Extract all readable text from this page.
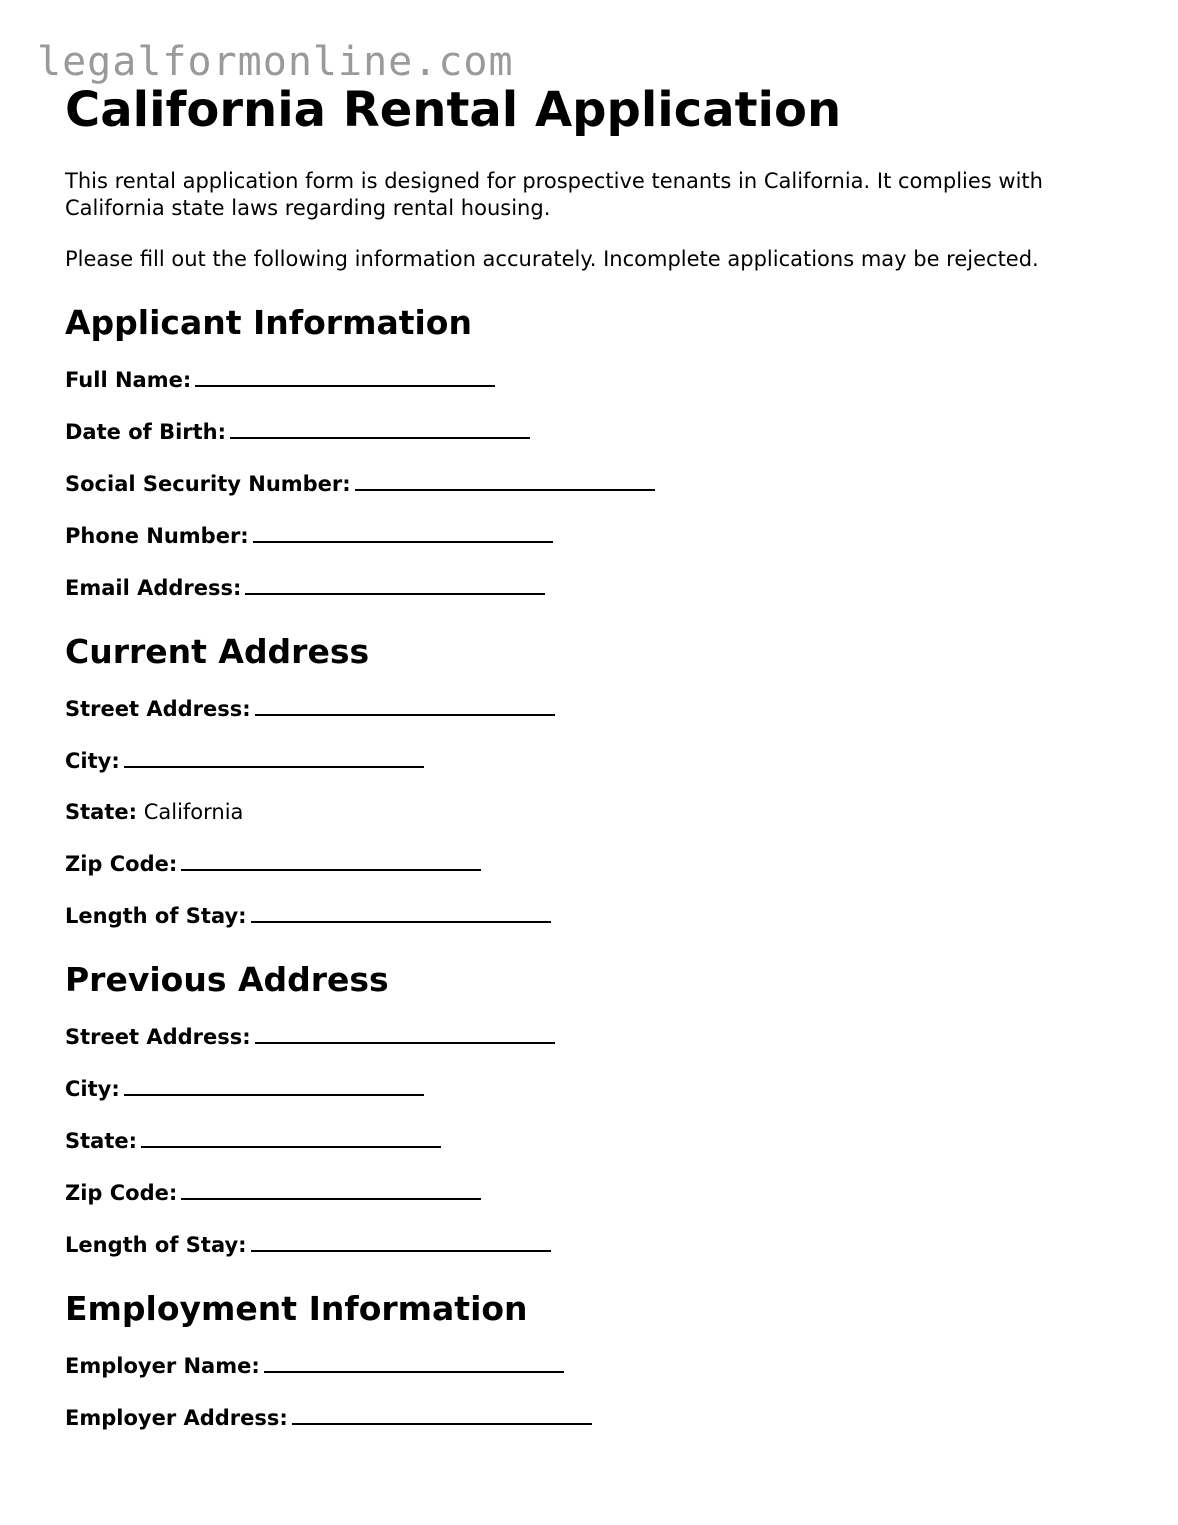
legalformonline.com
California Rental Application

This rental application form is designed for prospective tenants in California. It complies with California state laws regarding rental housing.

Please fill out the following information accurately. Incomplete applications may be rejected.

Applicant Information

Full Name:

Date of Birth:

Social Security Number:

Phone Number:

Email Address:

Current Address

Street Address:

City:

State: California

Zip Code:

Length of Stay:

Previous Address

Street Address:

City:

State:

Zip Code:

Length of Stay:

Employment Information

Employer Name:

Employer Address:
